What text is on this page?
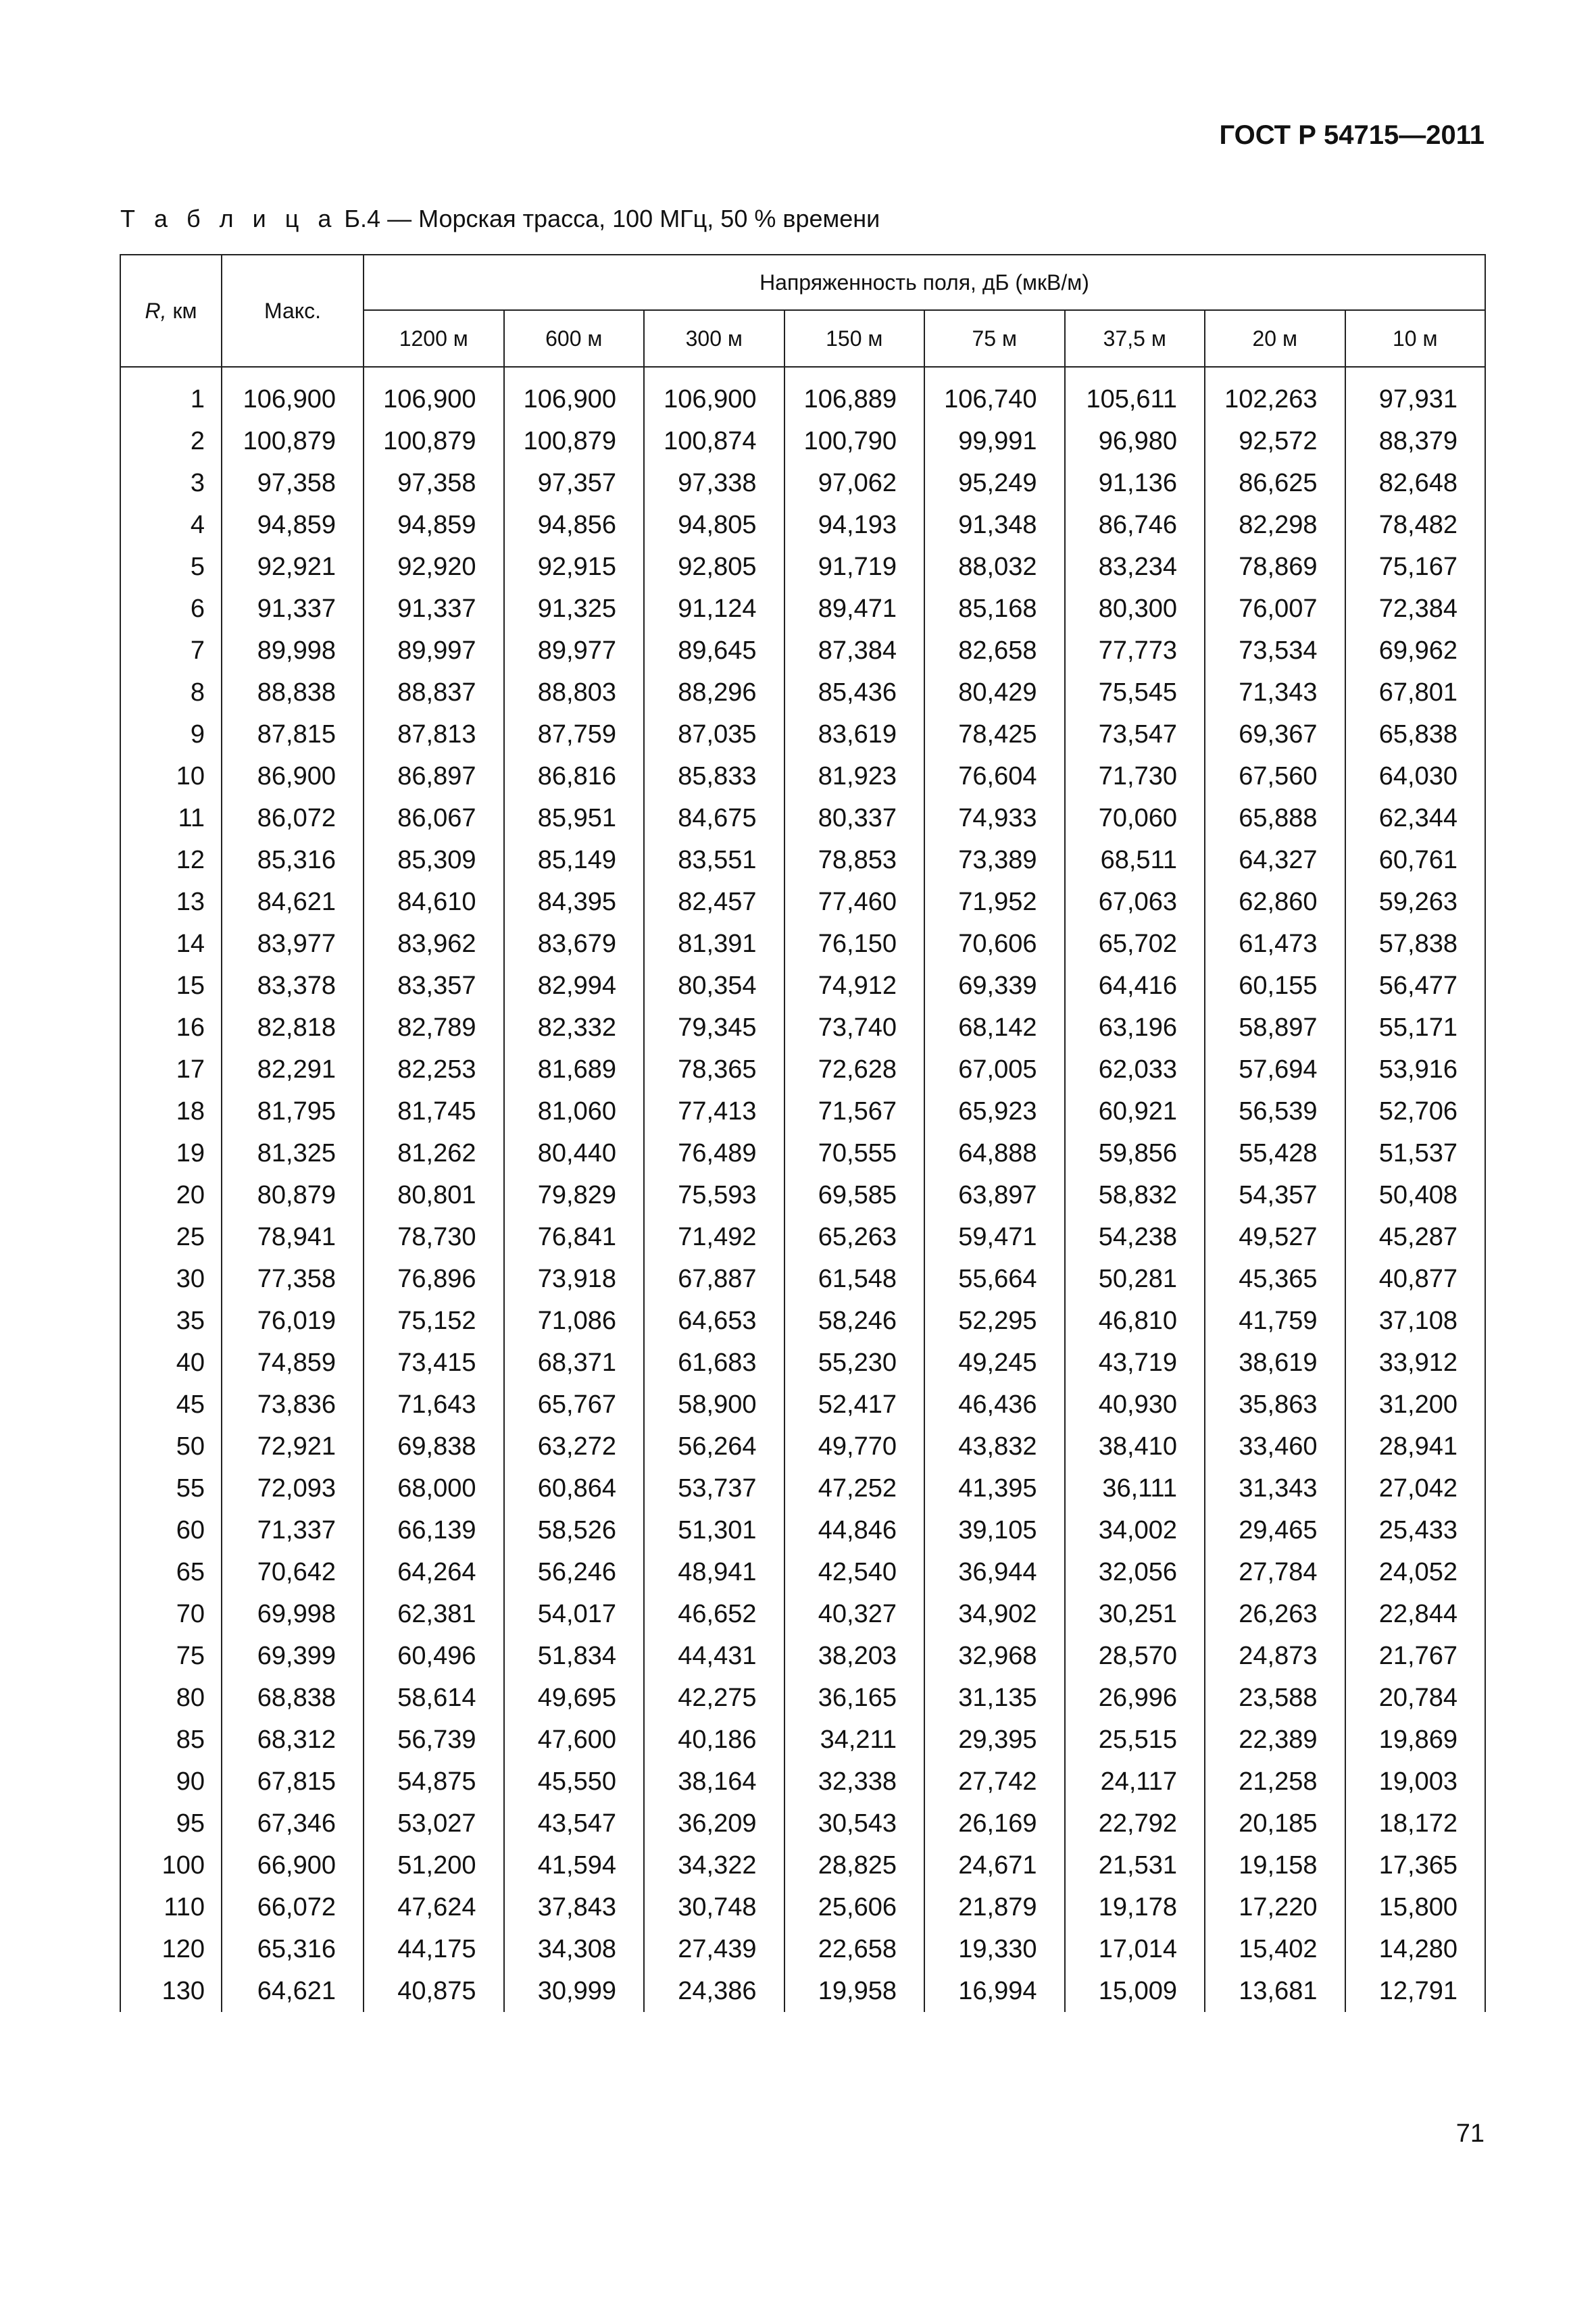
ГОСТ Р 54715—2011
Т а б л и ц а Б.4 — Морская трасса, 100 МГц, 50 % времени
R, км	Макс.	Напряженность поля, дБ (мкВ/м)							
		1200 м	600 м	300 м	150 м	75 м	37,5 м	20 м	10 м

1	106,900	106,900	106,900	106,900	106,889	106,740	105,611	102,263	97,931
2	100,879	100,879	100,879	100,874	100,790	99,991	96,980	92,572	88,379
3	97,358	97,358	97,357	97,338	97,062	95,249	91,136	86,625	82,648
4	94,859	94,859	94,856	94,805	94,193	91,348	86,746	82,298	78,482
5	92,921	92,920	92,915	92,805	91,719	88,032	83,234	78,869	75,167
6	91,337	91,337	91,325	91,124	89,471	85,168	80,300	76,007	72,384
7	89,998	89,997	89,977	89,645	87,384	82,658	77,773	73,534	69,962
8	88,838	88,837	88,803	88,296	85,436	80,429	75,545	71,343	67,801
9	87,815	87,813	87,759	87,035	83,619	78,425	73,547	69,367	65,838
10	86,900	86,897	86,816	85,833	81,923	76,604	71,730	67,560	64,030
11	86,072	86,067	85,951	84,675	80,337	74,933	70,060	65,888	62,344
12	85,316	85,309	85,149	83,551	78,853	73,389	68,511	64,327	60,761
13	84,621	84,610	84,395	82,457	77,460	71,952	67,063	62,860	59,263
14	83,977	83,962	83,679	81,391	76,150	70,606	65,702	61,473	57,838
15	83,378	83,357	82,994	80,354	74,912	69,339	64,416	60,155	56,477
16	82,818	82,789	82,332	79,345	73,740	68,142	63,196	58,897	55,171
17	82,291	82,253	81,689	78,365	72,628	67,005	62,033	57,694	53,916
18	81,795	81,745	81,060	77,413	71,567	65,923	60,921	56,539	52,706
19	81,325	81,262	80,440	76,489	70,555	64,888	59,856	55,428	51,537
20	80,879	80,801	79,829	75,593	69,585	63,897	58,832	54,357	50,408
25	78,941	78,730	76,841	71,492	65,263	59,471	54,238	49,527	45,287
30	77,358	76,896	73,918	67,887	61,548	55,664	50,281	45,365	40,877
35	76,019	75,152	71,086	64,653	58,246	52,295	46,810	41,759	37,108
40	74,859	73,415	68,371	61,683	55,230	49,245	43,719	38,619	33,912
45	73,836	71,643	65,767	58,900	52,417	46,436	40,930	35,863	31,200
50	72,921	69,838	63,272	56,264	49,770	43,832	38,410	33,460	28,941
55	72,093	68,000	60,864	53,737	47,252	41,395	36,111	31,343	27,042
60	71,337	66,139	58,526	51,301	44,846	39,105	34,002	29,465	25,433
65	70,642	64,264	56,246	48,941	42,540	36,944	32,056	27,784	24,052
70	69,998	62,381	54,017	46,652	40,327	34,902	30,251	26,263	22,844
75	69,399	60,496	51,834	44,431	38,203	32,968	28,570	24,873	21,767
80	68,838	58,614	49,695	42,275	36,165	31,135	26,996	23,588	20,784
85	68,312	56,739	47,600	40,186	34,211	29,395	25,515	22,389	19,869
90	67,815	54,875	45,550	38,164	32,338	27,742	24,117	21,258	19,003
95	67,346	53,027	43,547	36,209	30,543	26,169	22,792	20,185	18,172
100	66,900	51,200	41,594	34,322	28,825	24,671	21,531	19,158	17,365
110	66,072	47,624	37,843	30,748	25,606	21,879	19,178	17,220	15,800
120	65,316	44,175	34,308	27,439	22,658	19,330	17,014	15,402	14,280
130	64,621	40,875	30,999	24,386	19,958	16,994	15,009	13,681	12,791
71
